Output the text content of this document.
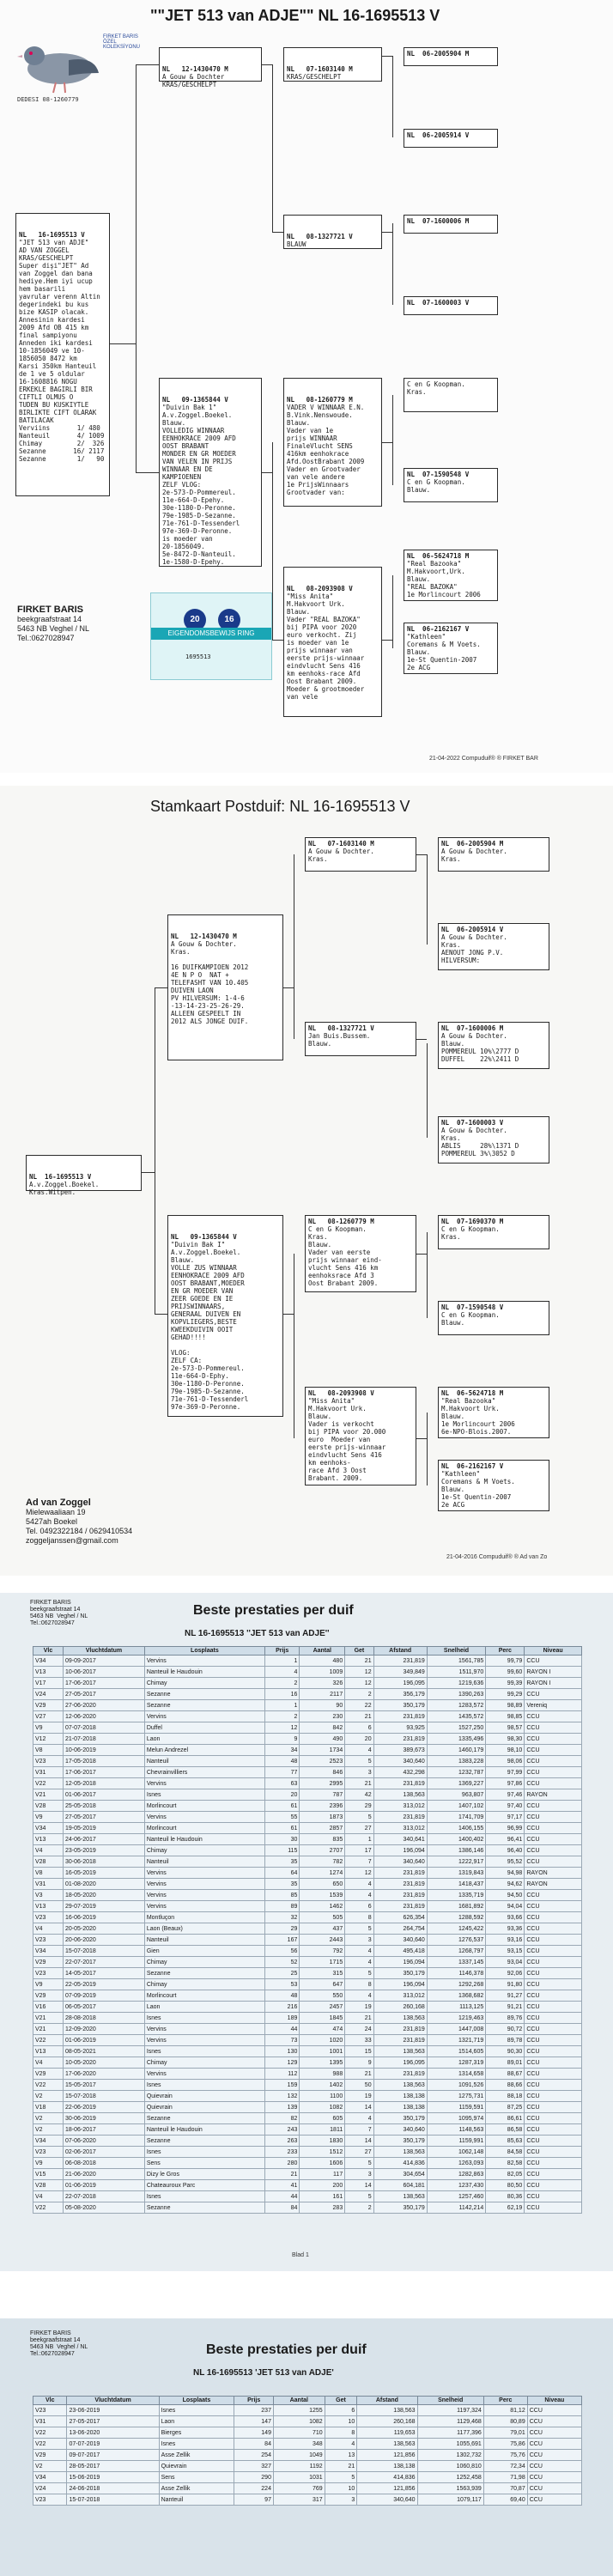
""JET 513 van ADJE"" NL 16-1695513 V
FIRKET BARIS ÖZEL KOLEKSİYONU
DEDESI 08-1260779

NL   16-1695513 V
"JET 513 van ADJE"
AD VAN ZOGGEL
KRAS/GESCHELPT
Super dişi"JET" Ad
van Zoggel dan bana
hediye.Hem iyi ucup
hem basarili
yavrular verenn Altin
degerindeki bu kus
bize KASIP olacak.
Annesinin kardesi
2009 Afd OB 415 km
final sampiyonu
Anneden iki kardesi
10-1856049 ve 10-
1856050 8472 km
Karsi 350km Hanteuil
de 1 ve 5 oldular
16-1608816 NOGU
ERKEKLE BAGIRLI BIR
CIFTLI OLMUS O
TUDEN BU KUSKIYTLE
BIRLIKTE CIFT OLARAK
BATILACAK
Verviins       1/ 480
Nanteuil       4/ 1009
Chimay         2/  326
Sezanne       16/ 2117
Sezanne        1/   90

NL   12-1430470 M
A Gouw & Dochter
KRAS/GESCHELPT

NL   09-1365844 V
"Duivin Bak 1"
A.v.Zoggel.Boekel.
Blauw.
VOLLEDIG WINNAAR
EENHOKRACE 2009 AFD
OOST BRABANT
MONDER EN GR MOEDER
VAN VELEN IN PRIJS
WINNAAR EN DE
KAMPIOENEN
ZELF VLOG:
2e-573-D-Pommereul.
11e-664-D-Epehy.
30e-1180-D-Peronne.
79e-1985-D-Sezanne.
71e-761-D-Tessenderl
97e-369-D-Peronne.
is moeder van
20-1856049.
5e-8472-D-Nanteuil.
1e-1580-D-Epehy.

NL   07-1603140 M
KRAS/GESCHELPT

NL   08-1327721 V
BLAUW

NL   08-1260779 M
VADER V WINNAAR E.N.
B.Vink.Nenswoude.
Blauw.
Vader van 1e
prijs WINNAAR
FinaleVlucht SENS
416km eenhokrace
Afd.OostBrabant 2009
Vader en Grootvader
van vele andere
1e PrijsWinnaars
Grootvader van:

NL   08-2093908 V
"Miss Anita"
M.Hakvoort Urk.
Blauw.
Vader "REAL BAZOKA"
bij PIPA voor 2020
euro verkocht. Zij
is moeder van 1e
prijs winnaar van
eerste prijs-winnaar
eindvlucht Sens 416
km eenhoks-race Afd
Oost Brabant 2009.
Moeder & grootmoeder
van vele

NL  06-2005904 M
NL  06-2005914 V
NL  07-1600006 M
NL  07-1600003 V
C en G Koopman.
Kras.
NL  07-1590548 V
C en G Koopman.
Blauw.
NL  06-5624718 M
"Real Bazooka"
M.Hakvoort,Urk.
Blauw.
"REAL BAZOKA"
1e Morlincourt 2006
NL  06-2162167 V
"Kathleen"
Coremans & M Voets.
Blauw.
1e-St Quentin-2007
2e ACG
FIRKET BARIS
beekgraafstraat 14
5463 NB Veghel / NL
Tel.:0627028947
20	16
EIGENDOMSBEWIJS RING
1695513
21-04-2022 Compuduif® ® FIRKET BAR
Stamkaart Postduif: NL 16-1695513 V

NL  16-1695513 V
A.v.Zoggel.Boekel.
Kras.Witpen.

NL   12-1430470 M
A Gouw & Dochter.
Kras.

16 DUIFKAMPIOEN 2012
4E N P O  NAT +
TELEFASHT VAN 10.405
DUIVEN LAON
PV HILVERSUM: 1-4-6
-13-14-23-25-26-29.
ALLEEN GESPEELT IN
2012 ALS JONGE DUIF.

NL   09-1365844 V
"Duivin Bak I"
A.v.Zoggel.Boekel.
Blauw.
VOLLE ZUS WINNAAR
EENHOKRACE 2009 AFD
OOST BRABANT,MOEDER
EN GR MOEDER VAN
ZEER GOEDE EN IE
PRIJSWINNAARS,
GENERAAL DUIVEN EN
KOPVLIEGERS,BESTE
KWEEKDUIVIN OOIT
GEHAD!!!!

VLOG:
ZELF CA:
2e-573-D-Pommereul.
11e-664-D-Ephy.
30e-1180-D-Peronne.
79e-1985-D-Sezanne.
71e-761-D-Tessenderl
97e-369-D-Peronne.

NL   07-1603140 M
A Gouw & Dochter.
Kras.
NL   08-1327721 V
Jan Buis.Bussem.
Blauw.
NL   08-1260779 M
C en G Koopman.
Kras.
Blauw.
Vader van eerste
prijs winnaar eind-
vlucht Sens 416 km
eenhoksrace Afd 3
Oost Brabant 2009.
NL   08-2093908 V
"Miss Anita"
M.Hakvoort Urk.
Blauw.
Vader is verkocht
bij PIPA voor 20.000
euro  Moeder van
eerste prijs-winnaar
eindvlucht Sens 416
km eenhoks-
race Afd 3 Oost
Brabant. 2009.
NL  06-2005904 M
A Gouw & Dochter.
Kras.
NL  06-2005914 V
A Gouw & Dochter.
Kras.
AENOUT JONG P.V.
HILVERSUM:
NL  07-1600006 M
A Gouw & Dochter.
Blauw.
POMMEREUL 10%\2777 D
DUFFEL    22%\2411 D
NL  07-1600003 V
A Gouw & Dochter.
Kras.
ABLIS     28%\1371 D
POMMEREUL 3%\3052 D
NL  07-1690370 M
C en G Koopman.
Kras.
NL  07-1590548 V
C en G Koopman.
Blauw.
NL  06-5624718 M
"Real Bazooka"
M.Hakvoort Urk.
Blauw.
1e Morlincourt 2006
6e-NPO-Blois.2007.
NL  06-2162167 V
"Kathleen"
Coremans & M Voets.
Blauw.
1e-St Quentin-2007
2e ACG
Ad van Zoggel
Mielewaaliaan 19
5427ah Boekel
Tel. 0492322184 / 0629410534
zoggeljanssen@gmail.com
21-04-2016 Compuduif® ® Ad van Zo
FIRKET BARIS
beekgraafstraat 14
5463 NB  Veghel / NL
Tel.:0627028947
Beste prestaties per duif
NL 16-1695513 ''JET 513 van ADJE''
Vlc	Vluchtdatum	Losplaats	Prijs	Aantal	Get	Afstand	Snelheid	Perc	Niveau
V34	09-09-2017	Vervins	1	480	21	231,819	1561,785	99,79	CCU
V13	10-06-2017	Nanteuil le Haudouin	4	1009	12	349,849	1511,970	99,60	RAYON I
V17	17-06-2017	Chimay	2	326	12	196,095	1219,636	99,39	RAYON I
V24	27-05-2017	Sezanne	16	2117	2	356,179	1390,263	99,29	CCU
V29	27-06-2020	Sezanne	1	90	22	350,179	1283,572	98,89	Vereniq
V27	12-06-2020	Vervins	2	230	21	231,819	1435,572	98,85	CCU
V9	07-07-2018	Duffel	12	842	6	93,925	1527,250	98,57	CCU
V12	21-07-2018	Laon	9	490	20	231,819	1335,496	98,30	CCU
V8	10-06-2019	Melun Andrezel	34	1734	4	389,673	1460,179	98,10	CCU
V23	17-05-2018	Nanteuil	48	2523	5	340,640	1383,228	98,06	CCU
V31	17-06-2017	Chevrainvilliers	77	846	3	432,298	1232,787	97,99	CCU
V22	12-05-2018	Vervins	63	2995	21	231,819	1369,227	97,86	CCU
V21	01-06-2017	Isnes	20	787	42	138,563	963,807	97,46	RAYON
V28	25-05-2018	Morlincourt	61	2396	29	313,012	1407,102	97,40	CCU
V9	27-05-2017	Vervins	55	1873	5	231,819	1741,709	97,17	CCU
V34	19-05-2019	Morlincourt	61	2857	27	313,012	1406,155	96,99	CCU
V13	24-06-2017	Nanteuil le Haudouin	30	835	1	340,641	1400,402	96,41	CCU
V4	23-05-2019	Chimay	115	2707	17	196,094	1386,146	96,40	CCU
V28	30-06-2018	Nanteuil	35	782	7	340,640	1222,917	95,52	CCU
V8	16-05-2019	Vervins	64	1274	12	231,819	1319,843	94,98	RAYON
V31	01-08-2020	Vervins	35	650	4	231,819	1418,437	94,62	RAYON
V3	18-05-2020	Vervins	85	1539	4	231,819	1335,719	94,50	CCU
V13	29-07-2019	Vervins	89	1462	6	231,819	1681,892	94,04	CCU
V23	16-06-2019	Montluçon	32	505	8	626,354	1288,592	93,66	CCU
V4	20-05-2020	Laon (Beaux)	29	437	5	264,754	1245,422	93,36	CCU
V23	20-06-2020	Nanteuil	167	2443	3	340,640	1276,537	93,16	CCU
V34	15-07-2018	Gien	56	792	4	495,418	1268,797	93,15	CCU
V29	22-07-2017	Chimay	52	1715	4	196,094	1337,145	93,04	CCU
V23	14-05-2017	Sezanne	25	315	5	350,179	1146,378	92,06	CCU
V9	22-05-2019	Chimay	53	647	8	196,094	1292,268	91,80	CCU
V29	07-09-2019	Morlincourt	48	550	4	313,012	1368,682	91,27	CCU
V16	06-05-2017	Laon	216	2457	19	260,168	1113,125	91,21	CCU
V21	28-08-2018	Isnes	189	1845	21	138,563	1219,463	89,76	CCU
V21	12-09-2020	Vervins	44	474	24	231,819	1447,008	90,72	CCU
V22	01-06-2019	Vervins	73	1020	33	231,819	1321,719	89,78	CCU
V13	08-05-2021	Isnes	130	1001	15	138,563	1514,605	90,30	CCU
V4	10-05-2020	Chimay	129	1395	9	196,095	1287,319	89,01	CCU
V29	17-06-2020	Vervins	112	988	21	231,819	1314,658	88,67	CCU
V22	15-05-2017	Isnes	159	1402	50	138,563	1091,526	88,66	CCU
V2	15-07-2018	Quievrain	132	1100	19	138,138	1275,731	88,18	CCU
V18	22-06-2019	Quievrain	139	1082	14	138,138	1159,591	87,25	CCU
V2	30-06-2019	Sezanne	82	605	4	350,179	1095,974	86,61	CCU
V2	18-06-2017	Nanteuil le Haudouin	243	1811	7	340,640	1148,563	86,58	CCU
V34	07-06-2020	Sezanne	263	1830	14	350,179	1159,991	85,63	CCU
V23	02-06-2017	Isnes	233	1512	27	138,563	1062,148	84,58	CCU
V9	06-08-2018	Sens	280	1606	5	414,836	1263,093	82,58	CCU
V15	21-06-2020	Dizy le Gros	21	117	3	304,654	1282,863	82,05	CCU
V28	01-06-2019	Chateauroux Parc	41	200	14	604,181	1237,430	80,50	CCU
V4	22-07-2018	Isnes	44	161	5	138,563	1257,460	80,36	CCU
V22	05-08-2020	Sezanne	84	283	2	350,179	1142,214	62,19	CCU
Blad 1
FIRKET BARIS
beekgraafstraat 14
5463 NB  Veghel / NL
Tel.:0627028947	Beste prestaties per duif
NL 16-1695513 'JET 513 van ADJE'
Vlc	Vluchtdatum	Losplaats	Prijs	Aantal	Get	Afstand	Snelheid	Perc	Niveau
V23	23-06-2019	Isnes	237	1255	6	138,563	1197,324	81,12	CCU
V31	27-05-2017	Laon	147	1082	10	260,168	1129,468	80,89	CCU
V22	13-06-2020	Bierges	149	710	8	119,653	1177,396	79,01	CCU
V22	07-07-2019	Isnes	84	348	4	138,563	1055,691	75,86	CCU
V29	09-07-2017	Asse Zellik	254	1049	13	121,856	1302,732	75,76	CCU
V2	28-05-2017	Quievrain	327	1192	21	138,138	1060,810	72,34	CCU
V34	15-06-2019	Sens	290	1031	5	414,836	1252,458	71,98	CCU
V24	24-06-2018	Asse Zellik	224	769	10	121,856	1563,939	70,87	CCU
V23	15-07-2018	Nanteuil	97	317	3	340,640	1079,117	69,40	CCU
